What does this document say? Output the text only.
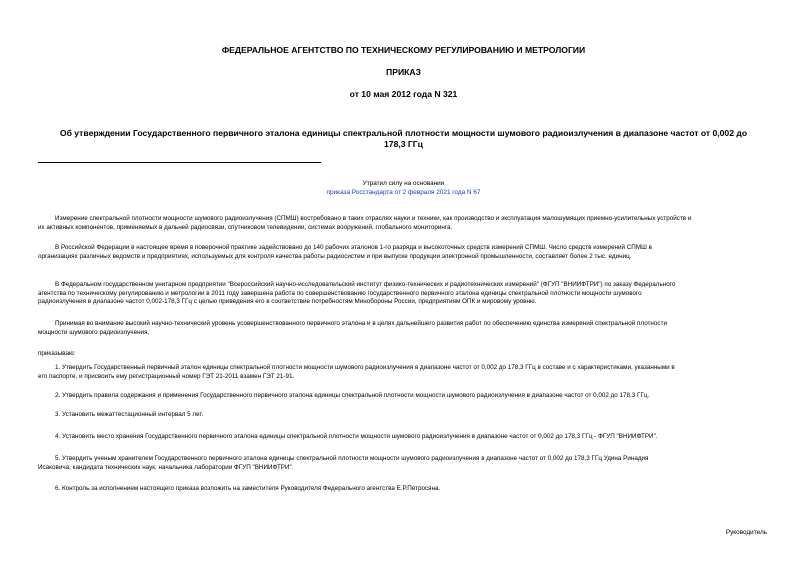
ФЕДЕРАЛЬНОЕ АГЕНТСТВО ПО ТЕХНИЧЕСКОМУ РЕГУЛИРОВАНИЮ И МЕТРОЛОГИИ
ПРИКАЗ
от 10 мая 2012 года N 321
Об утверждении Государственного первичного эталона единицы спектральной плотности мощности шумового радиоизлучения в диапазоне частот от 0,002 до
178,3 ГГц
Утратил силу на основании
приказа Росстандарта от 2 февраля 2021 года N 67
Измерение спектральной плотности мощности шумового радиоизлучения (СПМШ) востребовано в таких отраслях науки и техники, как производство и эксплуатация малошумящих приемно-усилительных устройств и
их активных компонентов, применяемых в дальней радиосвязи, спутниковом телевидении, системах вооружений, глобального мониторинга.
В Российской Федерации в настоящее время в поверочной практике задействовано до 140 рабочих эталонов 1-го разряда и высокоточных средств измерений СПМШ. Число средств измерений СПМШ в
организациях различных ведомств и предприятиях, используемых для контроля качества работы радиосистем и при выпуске продукции электронной промышленности, составляет более 2 тыс. единиц.
В Федеральном государственном унитарном предприятии "Всероссийский научно-исследовательский институт физико-технических и радиотехнических измерений" (ФГУП "ВНИИФТРИ") по заказу Федерального
агентства по техническому регулированию и метрологии в 2011 году завершена работа по совершенствованию государственного первичного эталона единицы спектральной плотности мощности шумового
радиоизлучения в диапазоне частот 0,002-178,3 ГГц с целью приведения его в соответствие потребностям Минобороны России, предприятиям ОПК и мировому уровню.
Принимая во внимание высокий научно-технический уровень усовершенствованного первичного эталона и в целях дальнейшего развития работ по обеспечению единства измерений спектральной плотности
мощности шумового радиоизлучения,
приказываю:
1. Утвердить Государственный первичный эталон единицы спектральной плотности мощности шумового радиоизлучения в диапазоне частот от 0,002 до 178,3 ГГц в составе и с характеристиками, указанными в
его паспорте, и присвоить ему регистрационный номер ГЭТ 21-2011 взамен ГЭТ 21-91.
2. Утвердить правила содержания и применения Государственного первичного эталона единицы спектральной плотности мощности шумового радиоизлучения в диапазоне частот от 0,002 до 178,3 ГГц.
3. Установить межаттестационный интервал 5 лет.
4. Установить место хранения Государственного первичного эталона единицы спектральной плотности мощности шумового радиоизлучения в диапазоне частот от 0,002 до 178,3 ГГц - ФГУП "ВНИИФТРИ".
5. Утвердить ученым хранителем Государственного первичного эталона единицы спектральной плотности мощности шумового радиоизлучения в диапазоне частот от 0,002 до 178,3 ГГц Удина Ринадия
Исаковича, кандидата технических наук, начальника лаборатории ФГУП "ВНИИФТРИ".
6. Контроль за исполнением настоящего приказа возложить на заместителя Руководителя Федерального агентства Е.Р.Петросяна.
Руководитель
